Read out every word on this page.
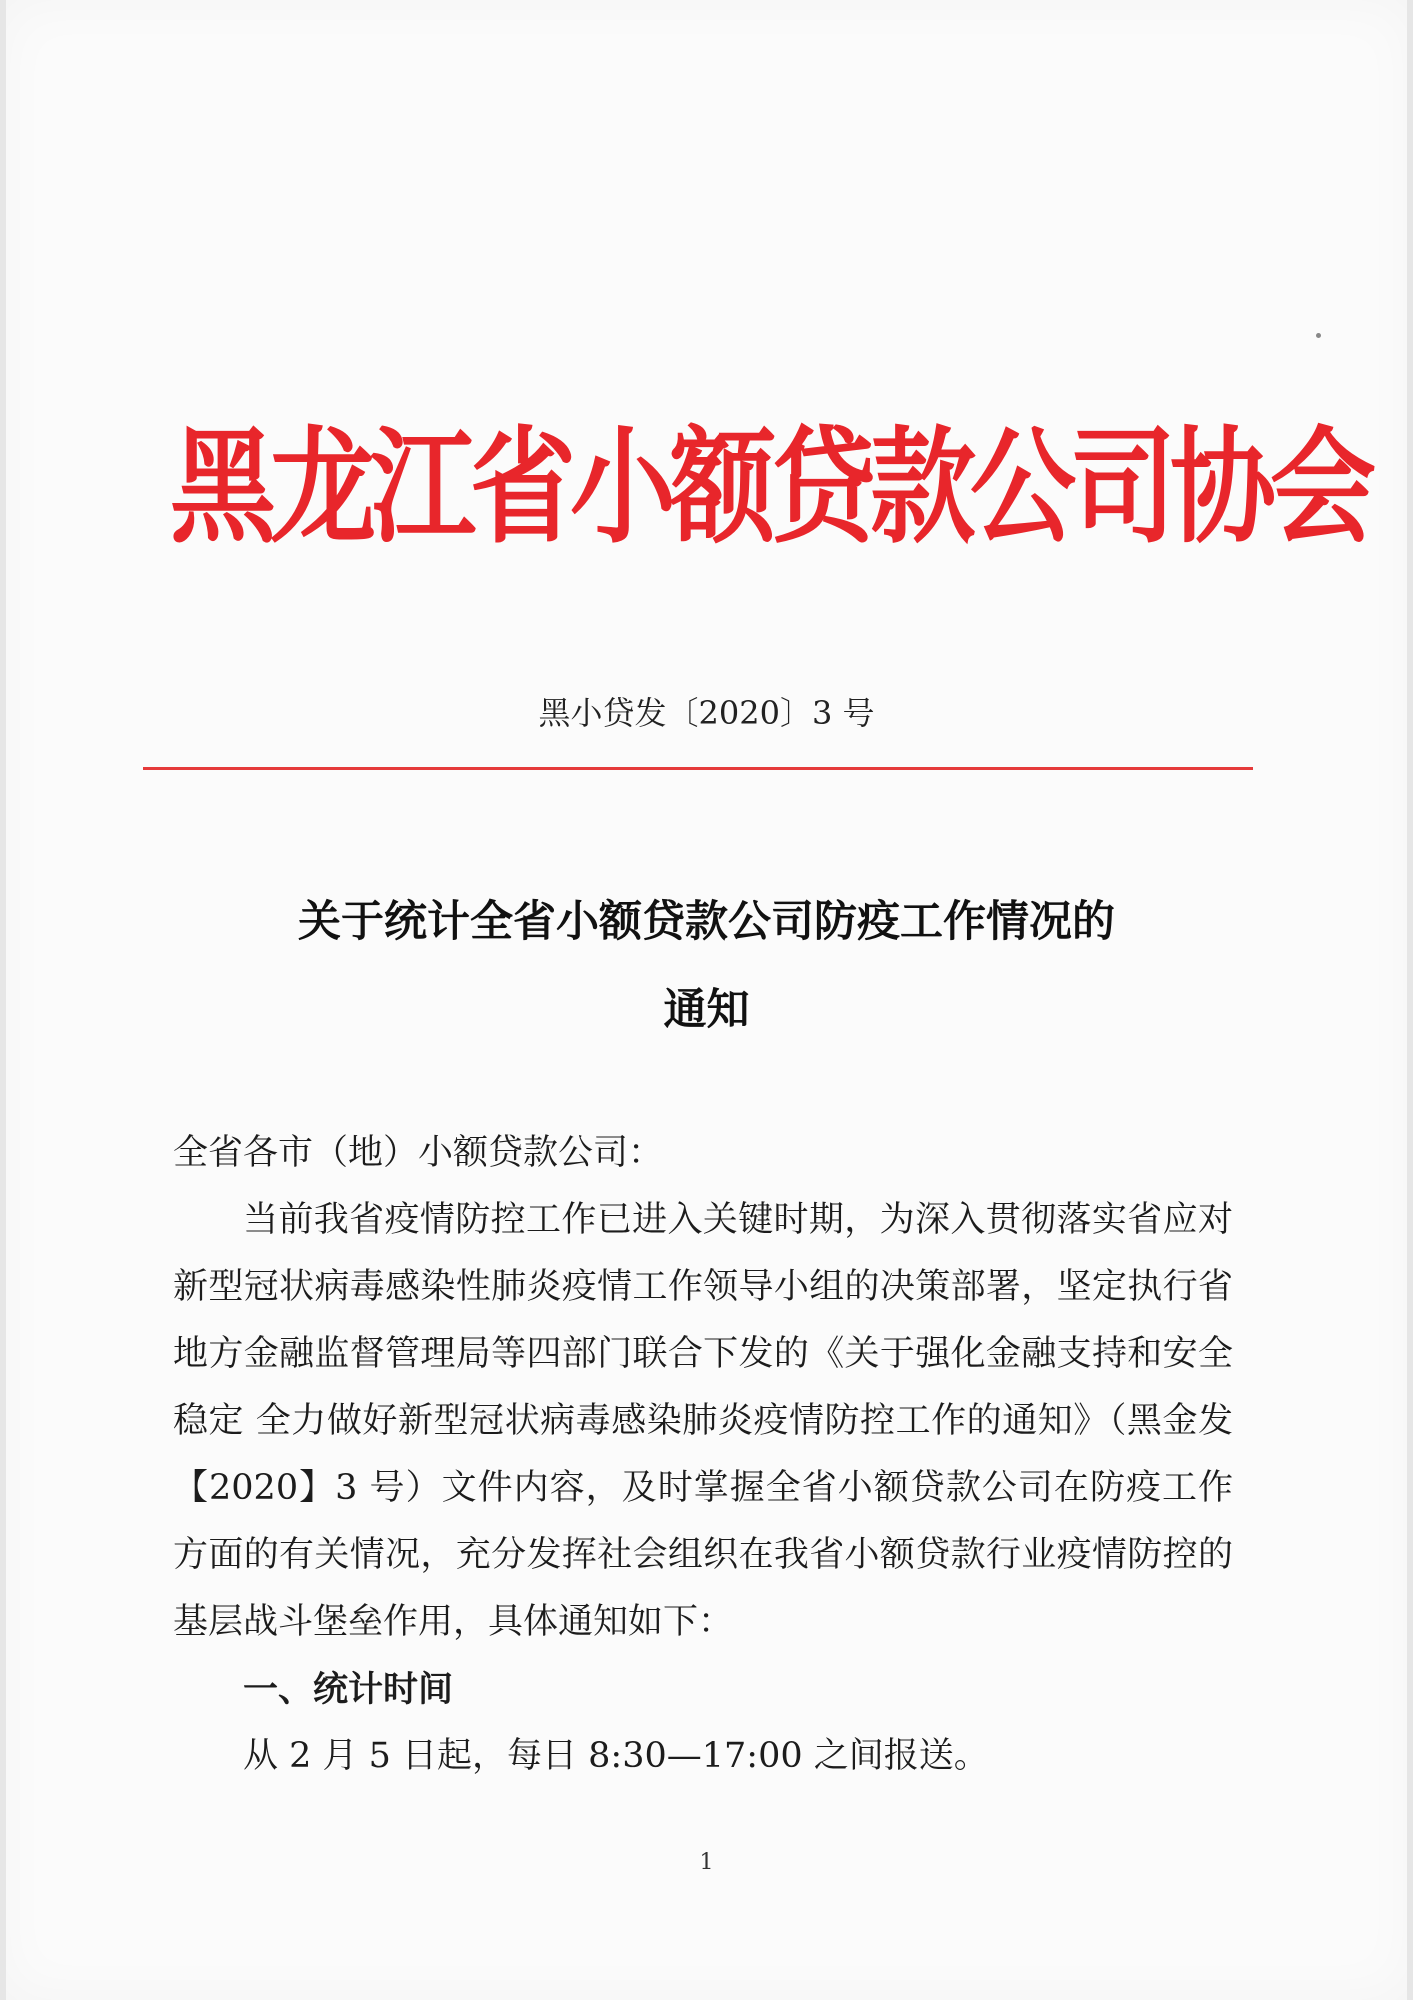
黑龙江省小额贷款公司协会
黑小贷发〔2020〕3 号
关于统计全省小额贷款公司防疫工作情况的
通知

全省各市（地）小额贷款公司：

当前我省疫情防控工作已进入关键时期，为深入贯彻落实省应对新型冠状病毒感染性肺炎疫情工作领导小组的决策部署，坚定执行省地方金融监督管理局等四部门联合下发的《关于强化金融支持和安全稳定 全力做好新型冠状病毒感染肺炎疫情防控工作的通知》（黑金发【2020】3 号）文件内容，及时掌握全省小额贷款公司在防疫工作方面的有关情况，充分发挥社会组织在我省小额贷款行业疫情防控的基层战斗堡垒作用，具体通知如下：

一、统计时间

从 2 月 5 日起，每日 8:30—17:00 之间报送。

1
